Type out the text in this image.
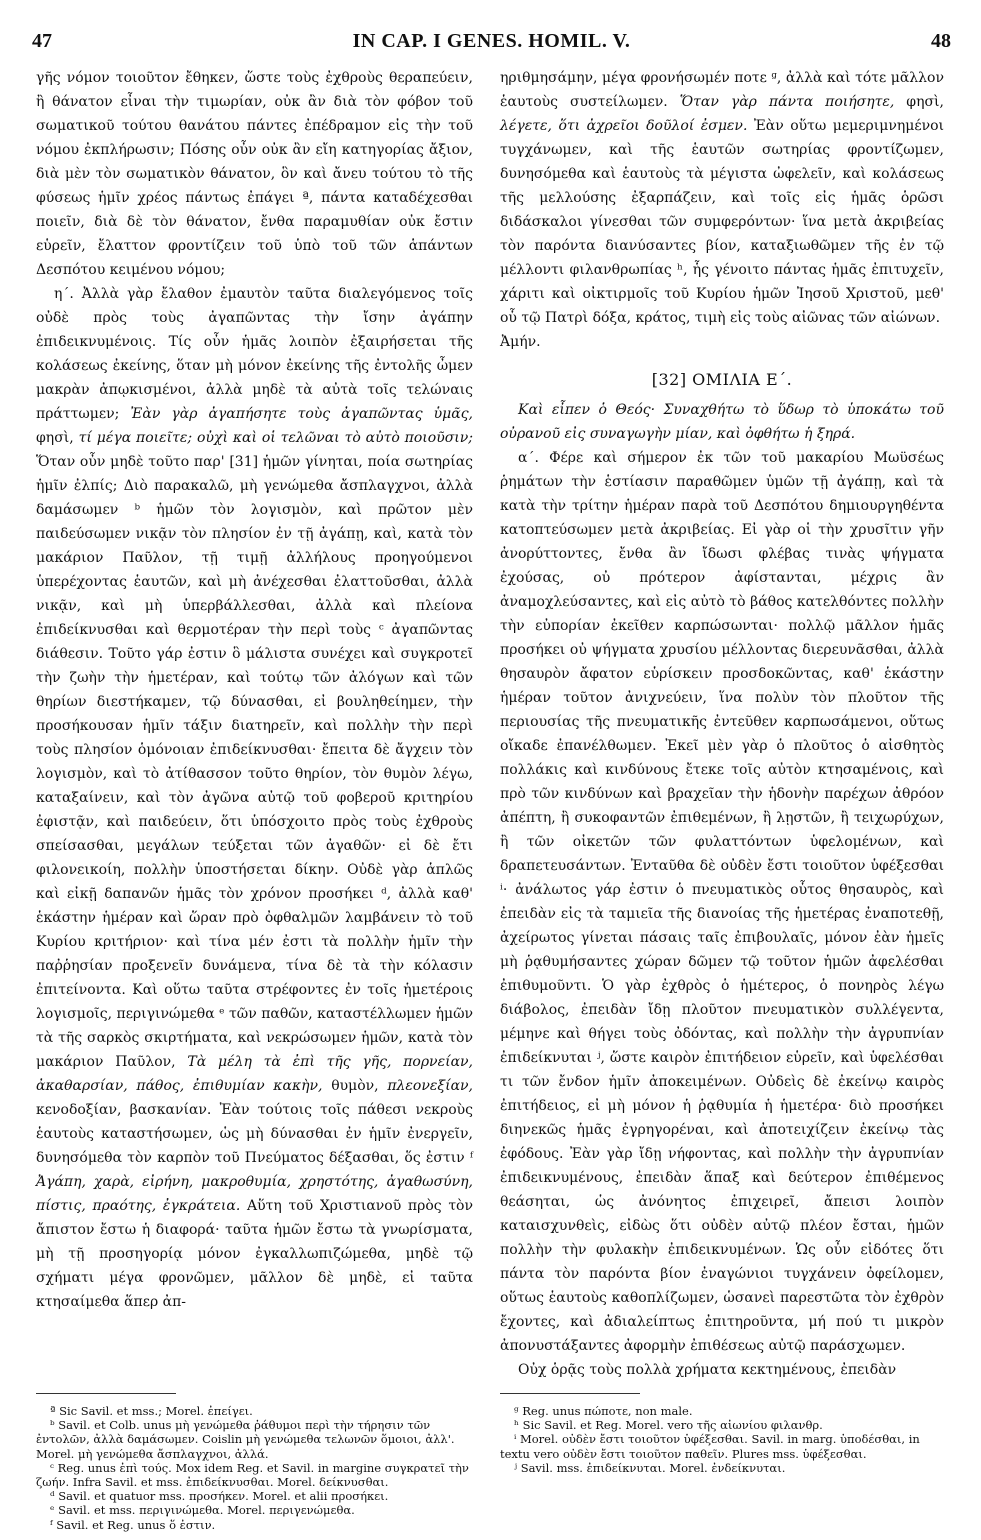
47	IN CAP. I GENES. HOMIL. V.	48

γῆς νόμον τοιοῦτον ἔθηκεν, ὥστε τοὺς ἐχθροὺς θεραπεύειν, ἢ θάνατον εἶναι τὴν τιμωρίαν, οὐκ ἂν διὰ τὸν φόβον τοῦ σωματικοῦ τούτου θανάτου πάντες ἐπέδραμον εἰς τὴν τοῦ νόμου ἐκπλήρωσιν; Πόσης οὖν οὐκ ἂν εἴη κατηγορίας ἄξιον, διὰ μὲν τὸν σωματικὸν θάνατον, ὃν καὶ ἄνευ τούτου τὸ τῆς φύσεως ἡμῖν χρέος πάντως ἐπάγει ª, πάντα καταδέχεσθαι ποιεῖν, διὰ δὲ τὸν θάνατον, ἔνθα παραμυθίαν οὐκ ἔστιν εὑρεῖν, ἔλαττον φροντίζειν τοῦ ὑπὸ τοῦ τῶν ἁπάντων Δεσπότου κειμένου νόμου;

η΄. Ἀλλὰ γὰρ ἔλαθον ἐμαυτὸν ταῦτα διαλεγόμενος τοῖς οὐδὲ πρὸς τοὺς ἀγαπῶντας τὴν ἴσην ἀγάπην ἐπιδεικνυμένοις. Τίς οὖν ἡμᾶς λοιπὸν ἐξαιρήσεται τῆς κολάσεως ἐκείνης, ὅταν μὴ μόνον ἐκείνης τῆς ἐντολῆς ὦμεν μακρὰν ἀπῳκισμένοι, ἀλλὰ μηδὲ τὰ αὐτὰ τοῖς τελώναις πράττωμεν; Ἐὰν γὰρ ἀγαπήσητε τοὺς ἀγαπῶντας ὑμᾶς, φησὶ, τί μέγα ποιεῖτε; οὐχὶ καὶ οἱ τελῶναι τὸ αὐτὸ ποιοῦσιν; Ὅταν οὖν μηδὲ τοῦτο παρ' [31] ἡμῶν γίνηται, ποία σωτηρίας ἡμῖν ἐλπίς; Διὸ παρακαλῶ, μὴ γενώμεθα ἄσπλαγχνοι, ἀλλὰ δαμάσωμεν ᵇ ἡμῶν τὸν λογισμὸν, καὶ πρῶτον μὲν παιδεύσωμεν νικᾷν τὸν πλησίον ἐν τῇ ἀγάπῃ, καὶ, κατὰ τὸν μακάριον Παῦλον, τῇ τιμῇ ἀλλήλους προηγούμενοι ὑπερέχοντας ἑαυτῶν, καὶ μὴ ἀνέχεσθαι ἐλαττοῦσθαι, ἀλλὰ νικᾷν, καὶ μὴ ὑπερβάλλεσθαι, ἀλλὰ καὶ πλείονα ἐπιδείκνυσθαι καὶ θερμοτέραν τὴν περὶ τοὺς ᶜ ἀγαπῶντας διάθεσιν. Τοῦτο γάρ ἐστιν ὃ μάλιστα συνέχει καὶ συγκροτεῖ τὴν ζωὴν τὴν ἡμετέραν, καὶ τούτῳ τῶν ἀλόγων καὶ τῶν θηρίων διεστήκαμεν, τῷ δύνασθαι, εἰ βουληθείημεν, τὴν προσήκουσαν ἡμῖν τάξιν διατηρεῖν, καὶ πολλὴν τὴν περὶ τοὺς πλησίον ὁμόνοιαν ἐπιδείκνυσθαι· ἔπειτα δὲ ἄγχειν τὸν λογισμὸν, καὶ τὸ ἀτίθασσον τοῦτο θηρίον, τὸν θυμὸν λέγω, καταξαίνειν, καὶ τὸν ἀγῶνα αὐτῷ τοῦ φοβεροῦ κριτηρίου ἐφιστᾷν, καὶ παιδεύειν, ὅτι ὑπόσχοιτο πρὸς τοὺς ἐχθροὺς σπείσασθαι, μεγάλων τεύξεται τῶν ἀγαθῶν· εἰ δὲ ἔτι φιλονεικοίη, πολλὴν ὑποστήσεται δίκην. Οὐδὲ γὰρ ἁπλῶς καὶ εἰκῇ δαπανῶν ἡμᾶς τὸν χρόνον προσήκει ᵈ, ἀλλὰ καθ' ἑκάστην ἡμέραν καὶ ὥραν πρὸ ὀφθαλμῶν λαμβάνειν τὸ τοῦ Κυρίου κριτήριον· καὶ τίνα μέν ἐστι τὰ πολλὴν ἡμῖν τὴν παῤῥησίαν προξενεῖν δυνάμενα, τίνα δὲ τὰ τὴν κόλασιν ἐπιτείνοντα. Καὶ οὕτω ταῦτα στρέφοντες ἐν τοῖς ἡμετέροις λογισμοῖς, περιγινώμεθα ᵉ τῶν παθῶν, καταστέλλωμεν ἡμῶν τὰ τῆς σαρκὸς σκιρτήματα, καὶ νεκρώσωμεν ἡμῶν, κατὰ τὸν μακάριον Παῦλον, Τὰ μέλη τὰ ἐπὶ τῆς γῆς, πορνείαν, ἀκαθαρσίαν, πάθος, ἐπιθυμίαν κακὴν, θυμὸν, πλεονεξίαν, κενοδοξίαν, βασκανίαν. Ἐὰν τούτοις τοῖς πάθεσι νεκροὺς ἑαυτοὺς καταστήσωμεν, ὡς μὴ δύνασθαι ἐν ἡμῖν ἐνεργεῖν, δυνησόμεθα τὸν καρπὸν τοῦ Πνεύματος δέξασθαι, ὅς ἐστιν ᶠ Ἀγάπη, χαρὰ, εἰρήνη, μακροθυμία, χρηστότης, ἀγαθωσύνη, πίστις, πραότης, ἐγκράτεια. Αὕτη τοῦ Χριστιανοῦ πρὸς τὸν ἄπιστον ἔστω ἡ διαφορά· ταῦτα ἡμῶν ἔστω τὰ γνωρίσματα, μὴ τῇ προσηγορίᾳ μόνον ἐγκαλλωπιζώμεθα, μηδὲ τῷ σχήματι μέγα φρονῶμεν, μᾶλλον δὲ μηδὲ, εἰ ταῦτα κτησαίμεθα ἅπερ ἀπ-

ηριθμησάμην, μέγα φρονήσωμέν ποτε ᵍ, ἀλλὰ καὶ τότε μᾶλλον ἑαυτοὺς συστείλωμεν. Ὅταν γὰρ πάντα ποιήσητε, φησὶ, λέγετε, ὅτι ἀχρεῖοι δοῦλοί ἐσμεν. Ἐὰν οὕτω μεμεριμνημένοι τυγχάνωμεν, καὶ τῆς ἑαυτῶν σωτηρίας φροντίζωμεν, δυνησόμεθα καὶ ἑαυτοὺς τὰ μέγιστα ὠφελεῖν, καὶ κολάσεως τῆς μελλούσης ἐξαρπάζειν, καὶ τοῖς εἰς ἡμᾶς ὁρῶσι διδάσκαλοι γίνεσθαι τῶν συμφερόντων· ἵνα μετὰ ἀκριβείας τὸν παρόντα διανύσαντες βίον, καταξιωθῶμεν τῆς ἐν τῷ μέλλοντι φιλανθρωπίας ʰ, ἧς γένοιτο πάντας ἡμᾶς ἐπιτυχεῖν, χάριτι καὶ οἰκτιρμοῖς τοῦ Κυρίου ἡμῶν Ἰησοῦ Χριστοῦ, μεθ' οὗ τῷ Πατρὶ δόξα, κράτος, τιμὴ εἰς τοὺς αἰῶνας τῶν αἰώνων.

Ἀμήν.

[32] ΟΜΙΛΙΑ Ε΄.

Καὶ εἶπεν ὁ Θεός· Συναχθήτω τὸ ὕδωρ τὸ ὑποκάτω τοῦ οὐρανοῦ εἰς συναγωγὴν μίαν, καὶ ὀφθήτω ἡ ξηρά.

α΄. Φέρε καὶ σήμερον ἐκ τῶν τοῦ μακαρίου Μωϋσέως ῥημάτων τὴν ἑστίασιν παραθῶμεν ὑμῶν τῇ ἀγάπῃ, καὶ τὰ κατὰ τὴν τρίτην ἡμέραν παρὰ τοῦ Δεσπότου δημιουργηθέντα κατοπτεύσωμεν μετὰ ἀκριβείας. Εἰ γὰρ οἱ τὴν χρυσῖτιν γῆν ἀνορύττοντες, ἔνθα ἂν ἴδωσι φλέβας τινὰς ψήγματα ἐχούσας, οὐ πρότερον ἀφίστανται, μέχρις ἂν ἀναμοχλεύσαντες, καὶ εἰς αὐτὸ τὸ βάθος κατελθόντες πολλὴν τὴν εὐπορίαν ἐκεῖθεν καρπώσωνται· πολλῷ μᾶλλον ἡμᾶς προσήκει οὐ ψήγματα χρυσίου μέλλοντας διερευνᾶσθαι, ἀλλὰ θησαυρὸν ἄφατον εὑρίσκειν προσδοκῶντας, καθ' ἑκάστην ἡμέραν τοῦτον ἀνιχνεύειν, ἵνα πολὺν τὸν πλοῦτον τῆς περιουσίας τῆς πνευματικῆς ἐντεῦθεν καρπωσάμενοι, οὕτως οἴκαδε ἐπανέλθωμεν. Ἐκεῖ μὲν γὰρ ὁ πλοῦτος ὁ αἰσθητὸς πολλάκις καὶ κινδύνους ἔτεκε τοῖς αὐτὸν κτησαμένοις, καὶ πρὸ τῶν κινδύνων καὶ βραχεῖαν τὴν ἡδονὴν παρέχων ἀθρόον ἀπέπτη, ἢ συκοφαντῶν ἐπιθεμένων, ἢ λῃστῶν, ἢ τειχωρύχων, ἢ τῶν οἰκετῶν τῶν φυλαττόντων ὑφελομένων, καὶ δραπετευσάντων. Ἐνταῦθα δὲ οὐδὲν ἔστι τοιοῦτον ὑφέξεσθαι ⁱ· ἀνάλωτος γάρ ἐστιν ὁ πνευματικὸς οὗτος θησαυρὸς, καὶ ἐπειδὰν εἰς τὰ ταμιεῖα τῆς διανοίας τῆς ἡμετέρας ἐναποτεθῇ, ἀχείρωτος γίνεται πάσαις ταῖς ἐπιβουλαῖς, μόνον ἐὰν ἡμεῖς μὴ ῥᾳθυμήσαντες χώραν δῶμεν τῷ τοῦτον ἡμῶν ἀφελέσθαι ἐπιθυμοῦντι. Ὁ γὰρ ἐχθρὸς ὁ ἡμέτερος, ὁ πονηρὸς λέγω διάβολος, ἐπειδὰν ἴδῃ πλοῦτον πνευματικὸν συλλέγεντα, μέμηνε καὶ θήγει τοὺς ὀδόντας, καὶ πολλὴν τὴν ἀγρυπνίαν ἐπιδείκνυται ʲ, ὥστε καιρὸν ἐπιτήδειον εὑρεῖν, καὶ ὑφελέσθαι τι τῶν ἔνδον ἡμῖν ἀποκειμένων. Οὐδεὶς δὲ ἐκείνῳ καιρὸς ἐπιτήδειος, εἰ μὴ μόνον ἡ ῥᾳθυμία ἡ ἡμετέρα· διὸ προσήκει διηνεκῶς ἡμᾶς ἐγρηγορέναι, καὶ ἀποτειχίζειν ἐκείνῳ τὰς ἐφόδους. Ἐὰν γὰρ ἴδῃ νήφοντας, καὶ πολλὴν τὴν ἀγρυπνίαν ἐπιδεικνυμένους, ἐπειδὰν ἅπαξ καὶ δεύτερον ἐπιθέμενος θεάσηται, ὡς ἀνόνητος ἐπιχειρεῖ, ἄπεισι λοιπὸν καταισχυνθεὶς, εἰδὼς ὅτι οὐδὲν αὐτῷ πλέον ἔσται, ἡμῶν πολλὴν τὴν φυλακὴν ἐπιδεικνυμένων. Ὡς οὖν εἰδότες ὅτι πάντα τὸν παρόντα βίον ἐναγώνιοι τυγχάνειν ὀφείλομεν, οὕτως ἑαυτοὺς καθοπλίζωμεν, ὡσανεὶ παρεστῶτα τὸν ἐχθρὸν ἔχοντες, καὶ ἀδιαλείπτως ἐπιτηροῦντα, μή πού τι μικρὸν ἀπονυστάξαντες ἀφορμὴν ἐπιθέσεως αὐτῷ παράσχωμεν.

Οὐχ ὁρᾷς τοὺς πολλὰ χρήματα κεκτημένους, ἐπειδὰν

ª Sic Savil. et mss.; Morel. ἐπείγει.

ᵇ Savil. et Colb. unus μὴ γενώμεθα ῥάθυμοι περὶ τὴν τήρησιν τῶν ἐντολῶν, ἀλλὰ δαμάσωμεν. Coislin μὴ γενώμεθα τελωνῶν ὅμοιοι, ἀλλ'. Morel. μὴ γενώμεθα ἄσπλαγχνοι, ἀλλά.

ᶜ Reg. unus ἐπὶ τούς. Mox idem Reg. et Savil. in margine συγκρατεῖ τὴν ζωήν. Infra Savil. et mss. ἐπιδείκνυσθαι. Morel. δείκνυσθαι.

ᵈ Savil. et quatuor mss. προσήκεν. Morel. et alii προσήκει.

ᵉ Savil. et mss. περιγινώμεθα. Morel. περιγενώμεθα.

ᶠ Savil. et Reg. unus ὅ ἐστιν.

ᵍ Reg. unus πώποτε, non male.

ʰ Sic Savil. et Reg. Morel. vero τῆς αἰωνίου φιλανθρ.

ⁱ Morel. οὐδὲν ἔστι τοιοῦτον ὑφέξεσθαι. Savil. in marg. ὑποδέσθαι, in textu vero οὐδὲν ἔστι τοιοῦτον παθεῖν. Plures mss. ὑφέξεσθαι.

ʲ Savil. mss. ἐπιδείκνυται. Morel. ἐνδείκνυται.
